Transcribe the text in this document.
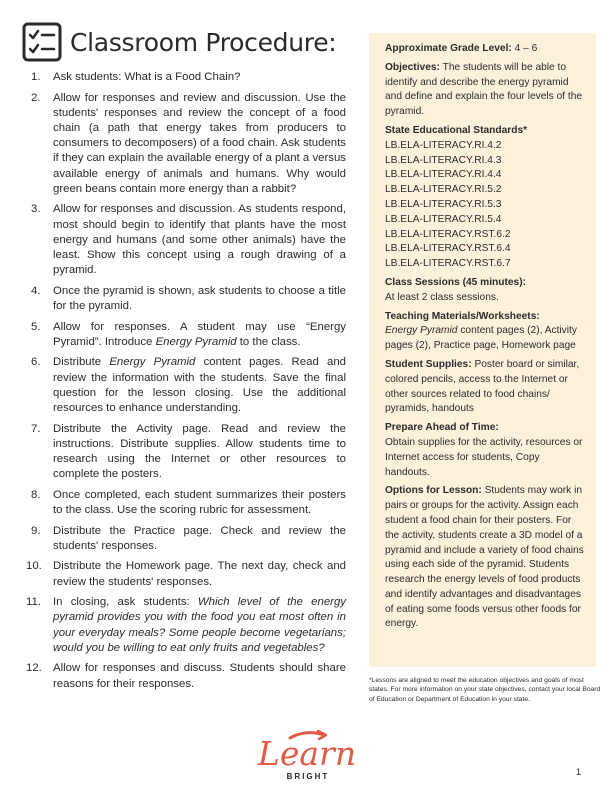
Classroom Procedure:
1.	Ask students: What is a Food Chain?
2.	Allow for responses and review and discussion. Use the students' responses and review the concept of a food chain (a path that energy takes from producers to consumers to decomposers) of a food chain. Ask students if they can explain the available energy of a plant a versus available energy of animals and humans. Why would green beans contain more energy than a rabbit?
3.	Allow for responses and discussion. As students respond, most should begin to identify that plants have the most energy and humans (and some other animals) have the least. Show this concept using a rough drawing of a pyramid.
4.	Once the pyramid is shown, ask students to choose a title for the pyramid.
5.	Allow for responses. A student may use “Energy Pyramid”. Introduce Energy Pyramid to the class.
6.	Distribute Energy Pyramid content pages. Read and review the information with the students. Save the final question for the lesson closing. Use the additional resources to enhance understanding.
7.	Distribute the Activity page. Read and review the instructions. Distribute supplies. Allow students time to research using the Internet or other resources to complete the posters.
8.	Once completed, each student summarizes their posters to the class. Use the scoring rubric for assessment.
9.	Distribute the Practice page. Check and review the students' responses.
10. Distribute the Homework page. The next day, check and review the students' responses.
11.	In closing, ask students: Which level of the energy pyramid provides you with the food you eat most often in your everyday meals? Some people become vegetarians; would you be willing to eat only fruits and vegetables?
12. Allow for responses and discuss. Students should share reasons for their responses.

Approximate Grade Level: 4 – 6

Objectives: The students will be able to identify and describe the energy pyramid and define and explain the four levels of the pyramid.

State Educational Standards*
LB.ELA-LITERACY.RI.4.2
LB.ELA-LITERACY.RI.4.3
LB.ELA-LITERACY.RI.4.4
LB.ELA-LITERACY.RI.5.2
LB.ELA-LITERACY.RI.5.3
LB.ELA-LITERACY.RI.5.4
LB.ELA-LITERACY.RST.6.2
LB.ELA-LITERACY.RST.6.4
LB.ELA-LITERACY.RST.6.7

Class Sessions (45 minutes):
At least 2 class sessions.

Teaching Materials/Worksheets:
Energy Pyramid content pages (2), Activity pages (2), Practice page, Homework page

Student Supplies: Poster board or similar, colored pencils, access to the Internet or other sources related to food chains/ pyramids, handouts

Prepare Ahead of Time:
Obtain supplies for the activity, resources or Internet access for students, Copy handouts.

Options for Lesson: Students may work in pairs or groups for the activity. Assign each student a food chain for their posters. For the activity, students create a 3D model of a pyramid and include a variety of food chains using each side of the pyramid. Students research the energy levels of food products and identify advantages and disadvantages of eating some foods versus other foods for energy.

*Lessons are aligned to meet the education objectives and goals of most states. For more information on your state objectives, contact your local Board of Education or Department of Education in your state.

Learn
BRIGHT	1
